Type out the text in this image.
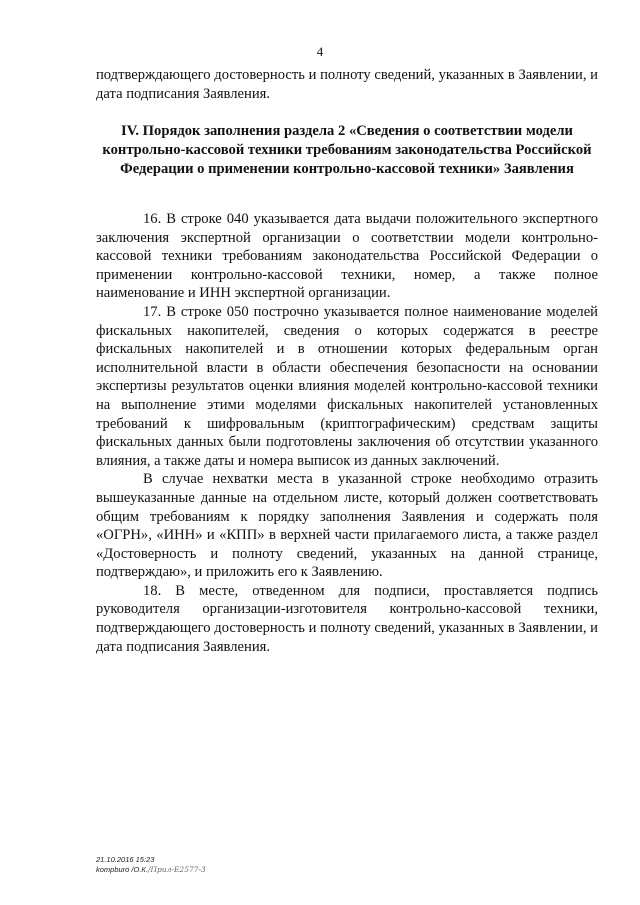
4
подтверждающего достоверность и полноту сведений, указанных в Заявлении, и дата подписания Заявления.
IV. Порядок заполнения раздела 2 «Сведения о соответствии модели контрольно-кассовой техники требованиям законодательства Российской Федерации о применении контрольно-кассовой техники» Заявления

16. В строке 040 указывается дата выдачи положительного экспертного заключения экспертной организации о соответствии модели контрольно-кассовой техники требованиям законодательства Российской Федерации о применении контрольно-кассовой техники, номер, а также полное наименование и ИНН экспертной организации.

17. В строке 050 построчно указывается полное наименование моделей фискальных накопителей, сведения о которых содержатся в реестре фискальных накопителей и в отношении которых федеральным орган исполнительной власти в области обеспечения безопасности на основании экспертизы результатов оценки влияния моделей контрольно-кассовой техники на выполнение этими моделями фискальных накопителей установленных требований к шифровальным (криптографическим) средствам защиты фискальных данных были подготовлены заключения об отсутствии указанного влияния, а также даты и номера выписок из данных заключений.

В случае нехватки места в указанной строке необходимо отразить вышеуказанные данные на отдельном листе, который должен соответствовать общим требованиям к порядку заполнения Заявления и содержать поля «ОГРН», «ИНН» и «КПП» в верхней части прилагаемого листа, а также раздел «Достоверность и полноту сведений, указанных на данной странице, подтверждаю», и приложить его к Заявлению.

18. В месте, отведенном для подписи, проставляется подпись руководителя организации-изготовителя контрольно-кассовой техники, подтверждающего достоверность и полноту сведений, указанных в Заявлении, и дата подписания Заявления.

21.10.2016 15:23
kompburo /О.К./Прил-Е2577-3
